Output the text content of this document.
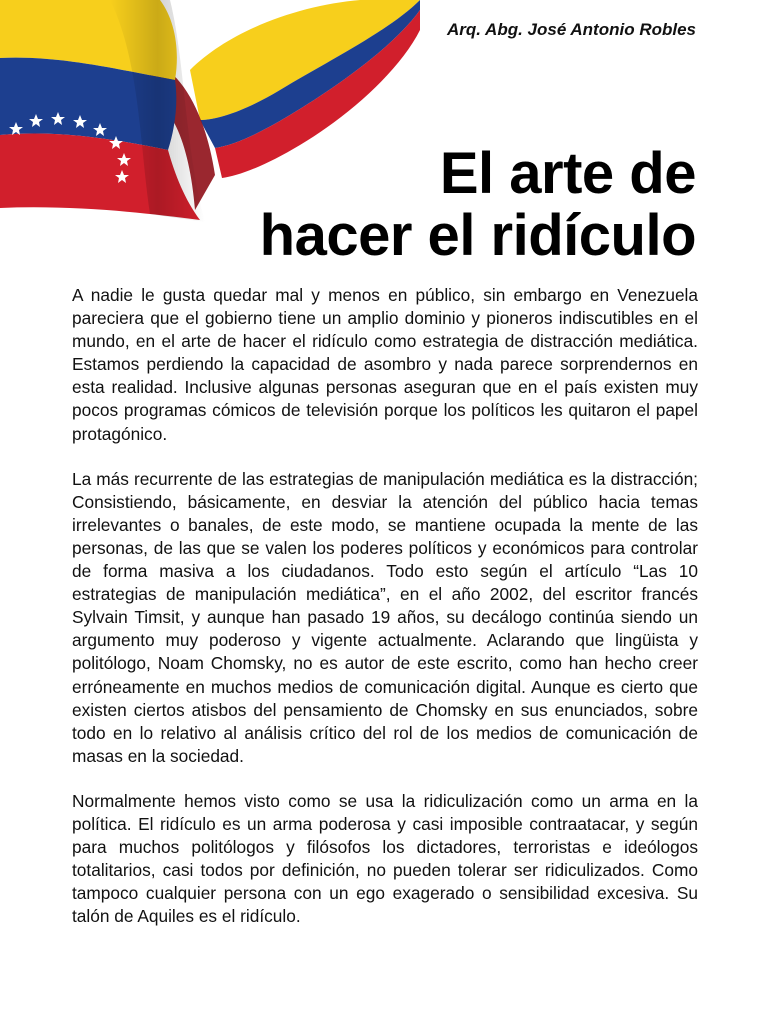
Arq. Abg. José Antonio Robles
El arte de
hacer el ridículo

A nadie le gusta quedar mal y menos en público, sin embargo en Venezuela pareciera que el gobierno tiene un amplio dominio y pioneros indiscutibles en el mundo, en el arte de hacer el ridículo como estrategia de distracción mediática. Estamos perdiendo la capacidad de asombro y nada parece sorprendernos en esta realidad. Inclusive algunas personas aseguran que en el país existen muy pocos programas cómicos de televisión porque los políticos les quitaron el papel protagónico.

La más recurrente de las estrategias de manipulación mediática es la distracción; Consistiendo, básicamente, en desviar la atención del público hacia temas irrelevantes o banales, de este modo, se mantiene ocupada la mente de las personas, de las que se valen los poderes políticos y económicos para controlar de forma masiva a los ciudadanos. Todo esto según el artículo “Las 10 estrategias de manipulación mediática”, en el año 2002, del escritor francés Sylvain Timsit, y aunque han pasado 19 años, su decálogo continúa siendo un argumento muy poderoso y vigente actualmente. Aclarando que lingüista y politólogo, Noam Chomsky, no es autor de este escrito, como han hecho creer erróneamente en muchos medios de comunicación digital. Aunque es cierto que existen ciertos atisbos del pensamiento de Chomsky en sus enunciados, sobre todo en lo relativo al análisis crítico del rol de los medios de comunicación de masas en la sociedad.

Normalmente hemos visto como se usa la ridiculización como un arma en la política. El ridículo es un arma poderosa y casi imposible contraatacar, y según para muchos politólogos y filósofos los dictadores, terroristas e ideólogos totalitarios, casi todos por definición, no pueden tolerar ser ridiculizados. Como tampoco cualquier persona con un ego exagerado o sensibilidad excesiva. Su talón de Aquiles es el ridículo.
